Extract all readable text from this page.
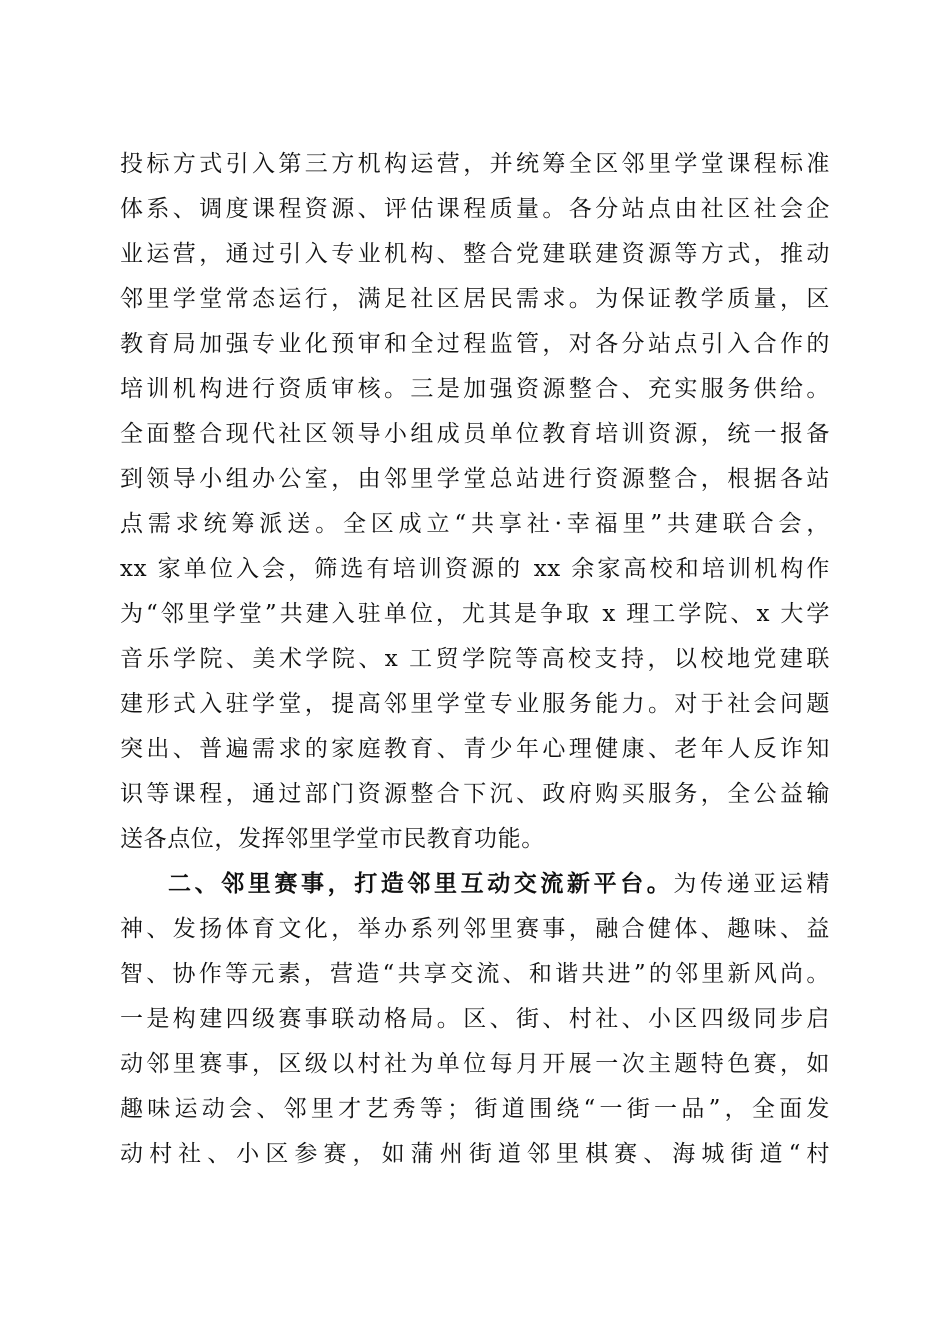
投标方式引入第三方机构运营，并统筹全区邻里学堂课程标准
体系、调度课程资源、评估课程质量。各分站点由社区社会企
业运营，通过引入专业机构、整合党建联建资源等方式，推动
邻里学堂常态运行，满足社区居民需求。为保证教学质量，区
教育局加强专业化预审和全过程监管，对各分站点引入合作的
培训机构进行资质审核。三是加强资源整合、充实服务供给。
全面整合现代社区领导小组成员单位教育培训资源，统一报备
到领导小组办公室，由邻里学堂总站进行资源整合，根据各站
点需求统筹派送。全区成立“共享社·幸福里”共建联合会，
xx 家单位入会，筛选有培训资源的 xx 余家高校和培训机构作
为“邻里学堂”共建入驻单位，尤其是争取 x 理工学院、x 大学
音乐学院、美术学院、x 工贸学院等高校支持，以校地党建联
建形式入驻学堂，提高邻里学堂专业服务能力。对于社会问题
突出、普遍需求的家庭教育、青少年心理健康、老年人反诈知
识等课程，通过部门资源整合下沉、政府购买服务，全公益输
送各点位，发挥邻里学堂市民教育功能。
二、邻里赛事，打造邻里互动交流新平台。为传递亚运精
神、发扬体育文化，举办系列邻里赛事，融合健体、趣味、益
智、协作等元素，营造“共享交流、和谐共进”的邻里新风尚。
一是构建四级赛事联动格局。区、街、村社、小区四级同步启
动邻里赛事，区级以村社为单位每月开展一次主题特色赛，如
趣味运动会、邻里才艺秀等；街道围绕“一街一品”，全面发
动村社、小区参赛，如蒲州街道邻里棋赛、海城街道“村
